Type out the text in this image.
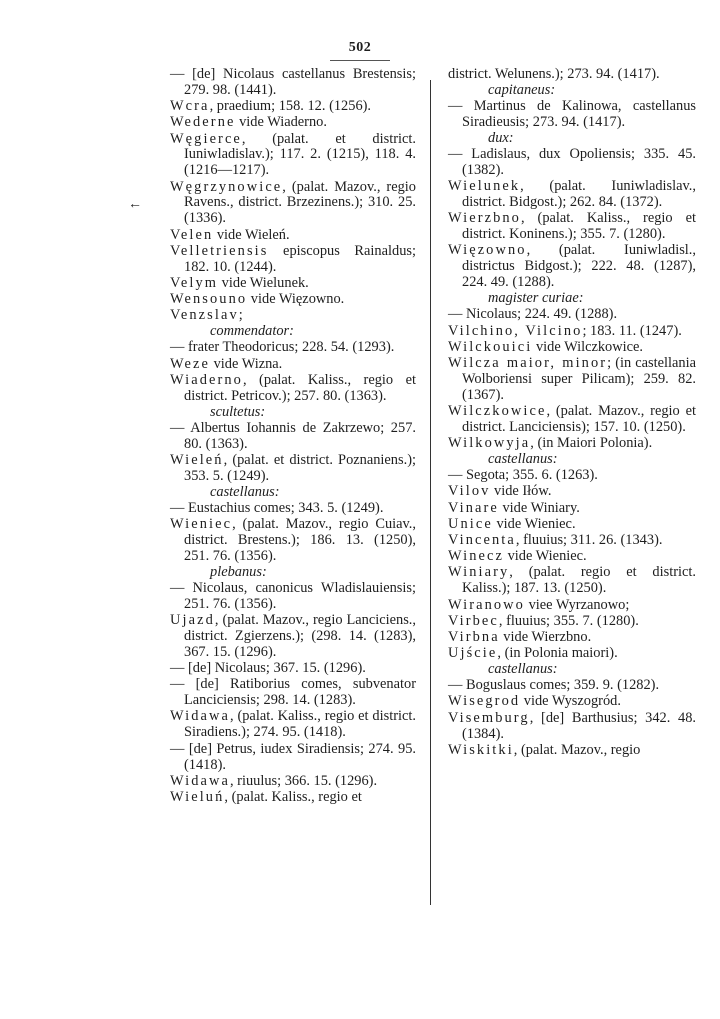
502
←
— [de] Nicolaus castellanus Brestensis; 279. 98. (1441).
Wcra, praedium; 158. 12. (1256).
Wederne vide Wiaderno.
Węgierce, (palat. et district. Iuniwladislav.); 117. 2. (1215), 118. 4. (1216—1217).
Węgrzynowice, (palat. Mazov., regio Ravens., district. Brzezinens.); 310. 25. (1336).
Velen vide Wieleń.
Velletriensis episcopus Rainaldus; 182. 10. (1244).
Velym vide Wielunek.
Wensouno vide Więzowno.
Venzslav;
commendator:
— frater Theodoricus; 228. 54. (1293).
Weze vide Wizna.
Wiaderno, (palat. Kaliss., regio et district. Petricov.); 257. 80. (1363).
scultetus:
— Albertus Iohannis de Zakrzewo; 257. 80. (1363).
Wieleń, (palat. et district. Poznaniens.); 353. 5. (1249).
castellanus:
— Eustachius comes; 343. 5. (1249).
Wieniec, (palat. Mazov., regio Cuiav., district. Brestens.); 186. 13. (1250), 251. 76. (1356).
plebanus:
— Nicolaus, canonicus Wladislauiensis; 251. 76. (1356).
Ujazd, (palat. Mazov., regio Lanciciens., district. Zgierzens.); (298. 14. (1283), 367. 15. (1296).
— [de] Nicolaus; 367. 15. (1296).
— [de] Ratiborius comes, subvenator Lanciciensis; 298. 14. (1283).
Widawa, (palat. Kaliss., regio et district. Siradiens.); 274. 95. (1418).
— [de] Petrus, iudex Siradiensis; 274. 95. (1418).
Widawa, riuulus; 366. 15. (1296).
Wieluń, (palat. Kaliss., regio et
district. Welunens.); 273. 94. (1417).
capitaneus:
— Martinus de Kalinowa, castellanus Siradieusis; 273. 94. (1417).
dux:
— Ladislaus, dux Opoliensis; 335. 45. (1382).
Wielunek, (palat. Iuniwladislav., district. Bidgost.); 262. 84. (1372).
Wierzbno, (palat. Kaliss., regio et district. Koninens.); 355. 7. (1280).
Więzowno, (palat. Iuniwladisl., districtus Bidgost.); 222. 48. (1287), 224. 49. (1288).
magister curiae:
— Nicolaus; 224. 49. (1288).
Vilchino, Vilcino; 183. 11. (1247).
Wilckouici vide Wilczkowice.
Wilcza maior, minor; (in castellania Wolboriensi super Pilicam); 259. 82. (1367).
Wilczkowice, (palat. Mazov., regio et district. Lanciciensis); 157. 10. (1250).
Wilkowyja, (in Maiori Polonia).
castellanus:
— Segota; 355. 6. (1263).
Vilov vide Iłów.
Vinare vide Winiary.
Unice vide Wieniec.
Vincenta, fluuius; 311. 26. (1343).
Winecz vide Wieniec.
Winiary, (palat. regio et district. Kaliss.); 187. 13. (1250).
Wiranowo viee Wyrzanowo;
Virbec, fluuius; 355. 7. (1280).
Virbna vide Wierzbno.
Ujście, (in Polonia maiori).
castellanus:
— Boguslaus comes; 359. 9. (1282).
Wisegrod vide Wyszogród.
Visemburg, [de] Barthusius; 342. 48. (1384).
Wiskitki, (palat. Mazov., regio
